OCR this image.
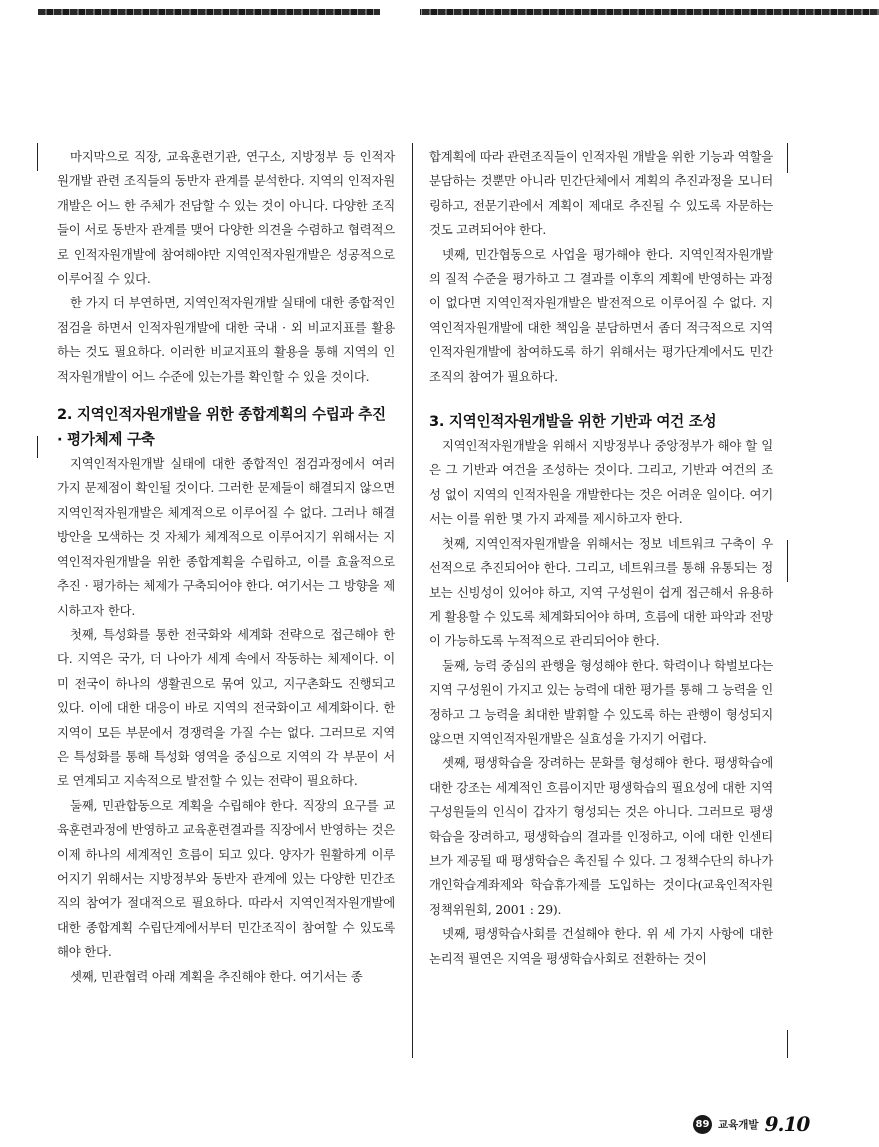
마지막으로 직장, 교육훈련기관, 연구소, 지방정부 등 인적자원개발 관련 조직들의 동반자 관계를 분석한다. 지역의 인적자원개발은 어느 한 주체가 전담할 수 있는 것이 아니다. 다양한 조직들이 서로 동반자 관계를 맺어 다양한 의견을 수렴하고 협력적으로 인적자원개발에 참여해야만 지역인적자원개발은 성공적으로 이루어질 수 있다.

한 가지 더 부연하면, 지역인적자원개발 실태에 대한 종합적인 점검을 하면서 인적자원개발에 대한 국내 · 외 비교지표를 활용하는 것도 필요하다. 이러한 비교지표의 활용을 통해 지역의 인적자원개발이 어느 수준에 있는가를 확인할 수 있을 것이다.

2. 지역인적자원개발을 위한 종합계획의 수립과 추진 · 평가체제 구축

지역인적자원개발 실태에 대한 종합적인 점검과정에서 여러 가지 문제점이 확인될 것이다. 그러한 문제들이 해결되지 않으면 지역인적자원개발은 체계적으로 이루어질 수 없다. 그러나 해결방안을 모색하는 것 자체가 체계적으로 이루어지기 위해서는 지역인적자원개발을 위한 종합계획을 수립하고, 이를 효율적으로 추진 · 평가하는 체제가 구축되어야 한다. 여기서는 그 방향을 제시하고자 한다.

첫째, 특성화를 통한 전국화와 세계화 전략으로 접근해야 한다. 지역은 국가, 더 나아가 세계 속에서 작동하는 체제이다. 이미 전국이 하나의 생활권으로 묶여 있고, 지구촌화도 진행되고 있다. 이에 대한 대응이 바로 지역의 전국화이고 세계화이다. 한 지역이 모든 부문에서 경쟁력을 가질 수는 없다. 그러므로 지역은 특성화를 통해 특성화 영역을 중심으로 지역의 각 부문이 서로 연계되고 지속적으로 발전할 수 있는 전략이 필요하다.

둘째, 민관합동으로 계획을 수립해야 한다. 직장의 요구를 교육훈련과정에 반영하고 교육훈련결과를 직장에서 반영하는 것은 이제 하나의 세계적인 흐름이 되고 있다. 양자가 원활하게 이루어지기 위해서는 지방정부와 동반자 관계에 있는 다양한 민간조직의 참여가 절대적으로 필요하다. 따라서 지역인적자원개발에 대한 종합계획 수립단계에서부터 민간조직이 참여할 수 있도록 해야 한다.

셋째, 민관협력 아래 계획을 추진해야 한다. 여기서는 종

합계획에 따라 관련조직들이 인적자원 개발을 위한 기능과 역할을 분담하는 것뿐만 아니라 민간단체에서 계획의 추진과정을 모니터링하고, 전문기관에서 계획이 제대로 추진될 수 있도록 자문하는 것도 고려되어야 한다.

넷째, 민간협동으로 사업을 평가해야 한다. 지역인적자원개발의 질적 수준을 평가하고 그 결과를 이후의 계획에 반영하는 과정이 없다면 지역인적자원개발은 발전적으로 이루어질 수 없다. 지역인적자원개발에 대한 책임을 분담하면서 좀더 적극적으로 지역인적자원개발에 참여하도록 하기 위해서는 평가단계에서도 민간조직의 참여가 필요하다.

3. 지역인적자원개발을 위한 기반과 여건 조성

지역인적자원개발을 위해서 지방정부나 중앙정부가 해야 할 일은 그 기반과 여건을 조성하는 것이다. 그리고, 기반과 여건의 조성 없이 지역의 인적자원을 개발한다는 것은 어려운 일이다. 여기서는 이를 위한 몇 가지 과제를 제시하고자 한다.

첫째, 지역인적자원개발을 위해서는 정보 네트워크 구축이 우선적으로 추진되어야 한다. 그리고, 네트워크를 통해 유통되는 정보는 신빙성이 있어야 하고, 지역 구성원이 쉽게 접근해서 유용하게 활용할 수 있도록 체계화되어야 하며, 흐름에 대한 파악과 전망이 가능하도록 누적적으로 관리되어야 한다.

둘째, 능력 중심의 관행을 형성해야 한다. 학력이나 학벌보다는 지역 구성원이 가지고 있는 능력에 대한 평가를 통해 그 능력을 인정하고 그 능력을 최대한 발휘할 수 있도록 하는 관행이 형성되지 않으면 지역인적자원개발은 실효성을 가지기 어렵다.

셋째, 평생학습을 장려하는 문화를 형성해야 한다. 평생학습에 대한 강조는 세계적인 흐름이지만 평생학습의 필요성에 대한 지역 구성원들의 인식이 갑자기 형성되는 것은 아니다. 그러므로 평생학습을 장려하고, 평생학습의 결과를 인정하고, 이에 대한 인센티브가 제공될 때 평생학습은 촉진될 수 있다. 그 정책수단의 하나가 개인학습계좌제와 학습휴가제를 도입하는 것이다(교육인적자원정책위원회, 2001 : 29).

넷째, 평생학습사회를 건설해야 한다. 위 세 가지 사항에 대한 논리적 필연은 지역을 평생학습사회로 전환하는 것이

89 교육개발 9.10
